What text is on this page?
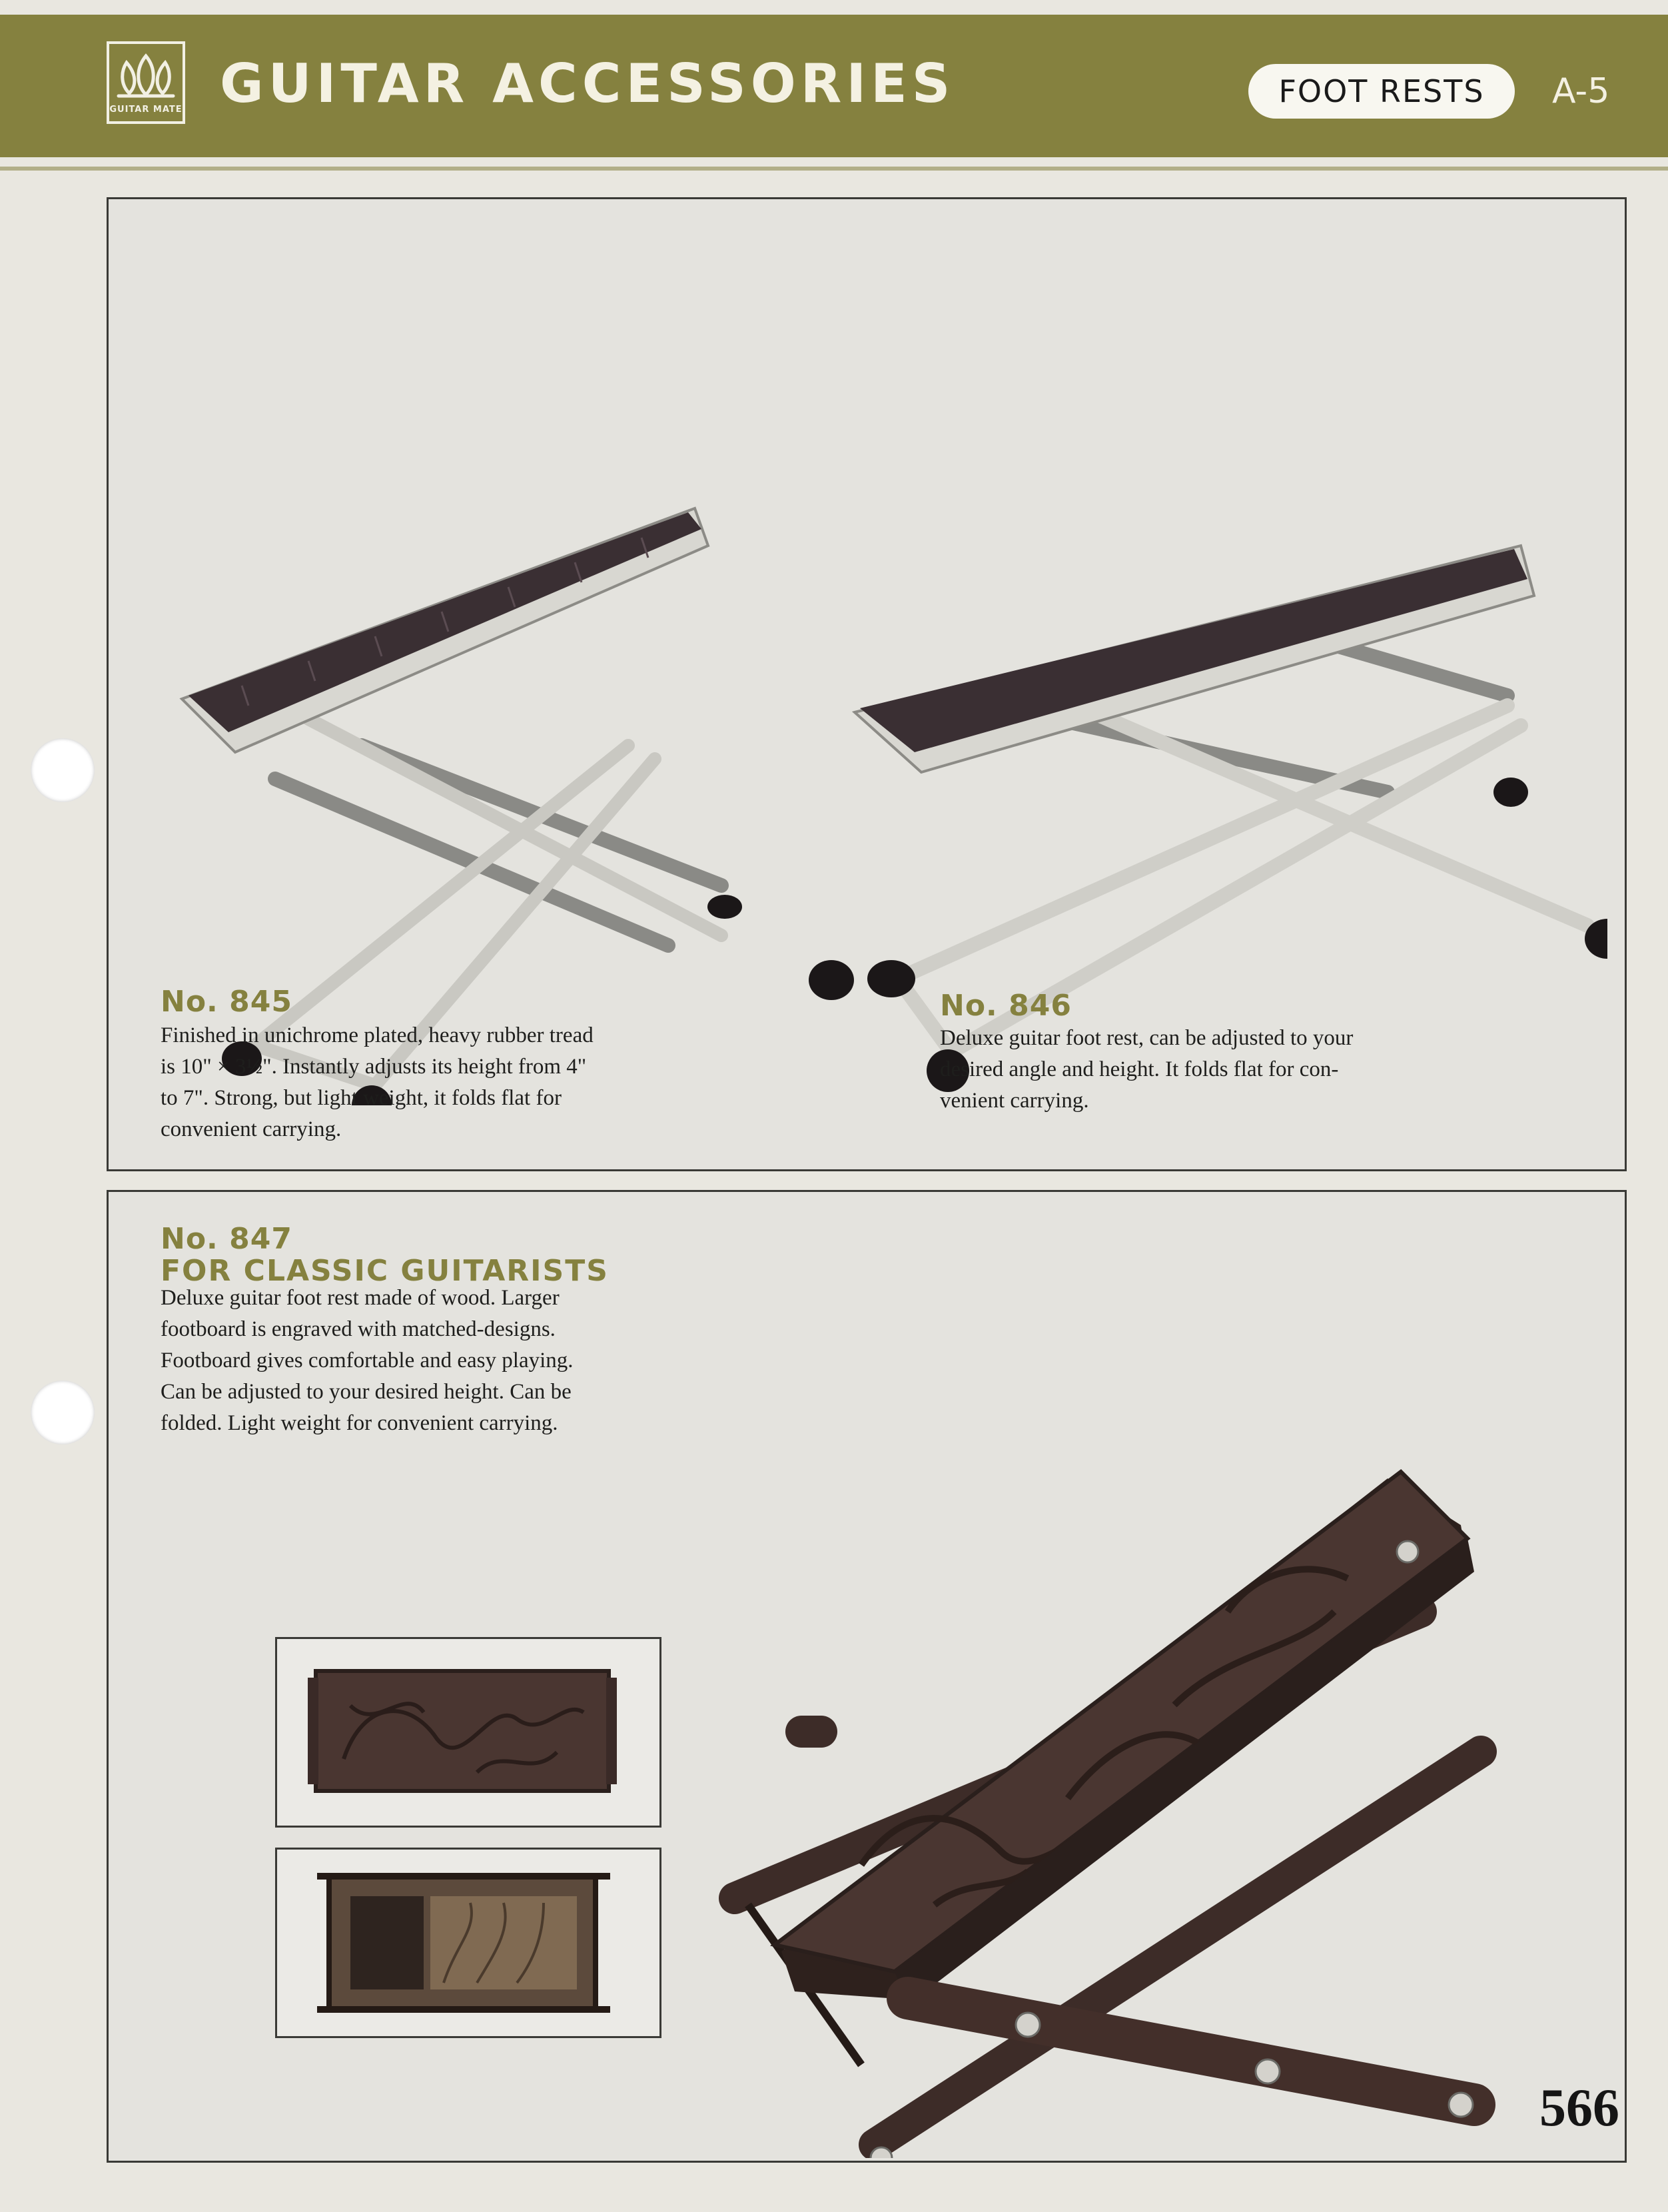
GUITAR MATE GUITAR ACCESSORIES	FOOT RESTS	A-5
No. 845
Finished in unichrome plated, heavy rubber tread
is 10" × 3½". Instantly adjusts its height from 4"
to 7". Strong, but light weight, it folds flat for
convenient carrying.
No. 846
Deluxe guitar foot rest, can be adjusted to your
desired angle and height. It folds flat for con-
venient carrying.
No. 847
FOR CLASSIC GUITARISTS
Deluxe guitar foot rest made of wood. Larger
footboard is engraved with matched-designs.
Footboard gives comfortable and easy playing.
Can be adjusted to your desired height. Can be
folded. Light weight for convenient carrying.
566
